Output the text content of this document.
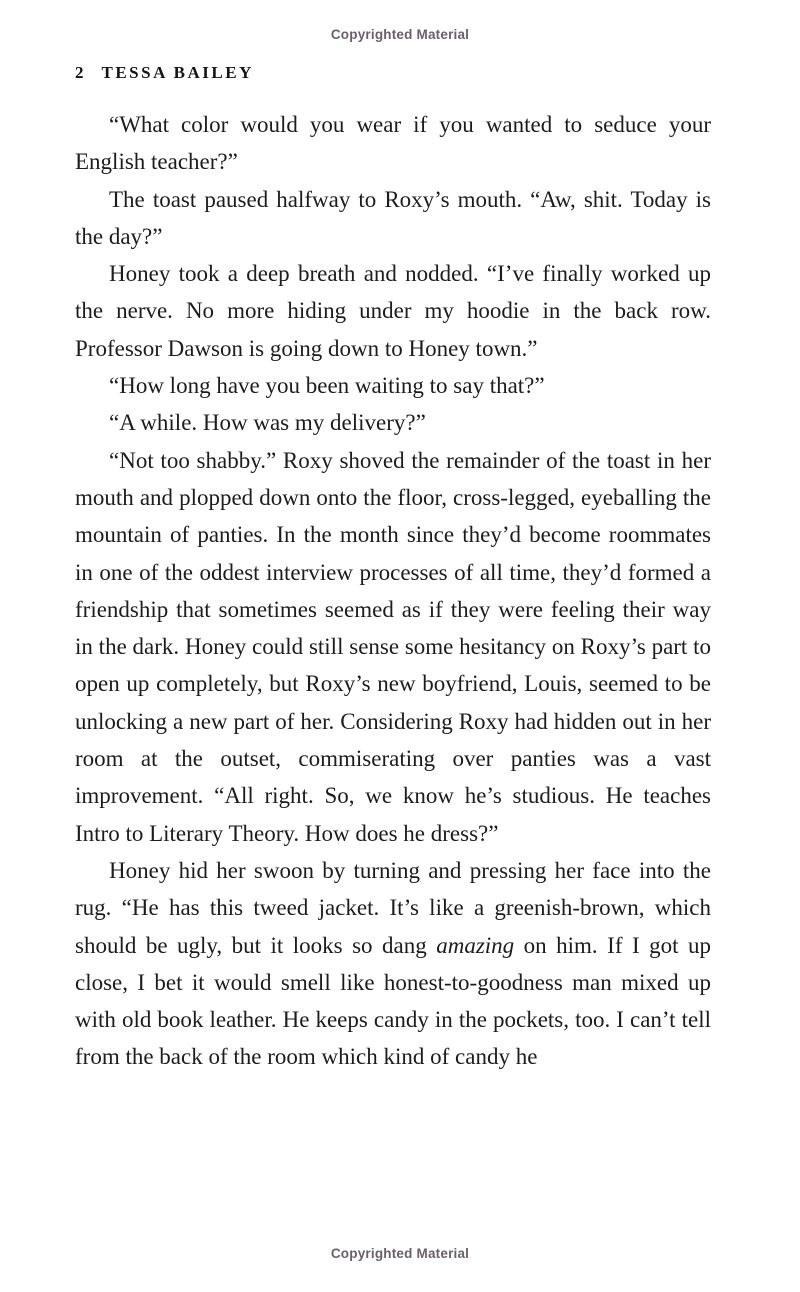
Copyrighted Material
2 TESSA BAILEY

“What color would you wear if you wanted to seduce your English teacher?”

The toast paused halfway to Roxy’s mouth. “Aw, shit. Today is the day?”

Honey took a deep breath and nodded. “I’ve finally worked up the nerve. No more hiding under my hoodie in the back row. Professor Dawson is going down to Honey town.”

“How long have you been waiting to say that?”

“A while. How was my delivery?”

“Not too shabby.” Roxy shoved the remainder of the toast in her mouth and plopped down onto the floor, cross-legged, eyeballing the mountain of panties. In the month since they’d become roommates in one of the oddest interview processes of all time, they’d formed a friendship that sometimes seemed as if they were feeling their way in the dark. Honey could still sense some hesitancy on Roxy’s part to open up completely, but Roxy’s new boyfriend, Louis, seemed to be unlocking a new part of her. Considering Roxy had hidden out in her room at the outset, commiserating over panties was a vast improvement. “All right. So, we know he’s studious. He teaches Intro to Literary Theory. How does he dress?”

Honey hid her swoon by turning and pressing her face into the rug. “He has this tweed jacket. It’s like a greenish-brown, which should be ugly, but it looks so dang amazing on him. If I got up close, I bet it would smell like honest-to-goodness man mixed up with old book leather. He keeps candy in the pockets, too. I can’t tell from the back of the room which kind of candy he

Copyrighted Material
